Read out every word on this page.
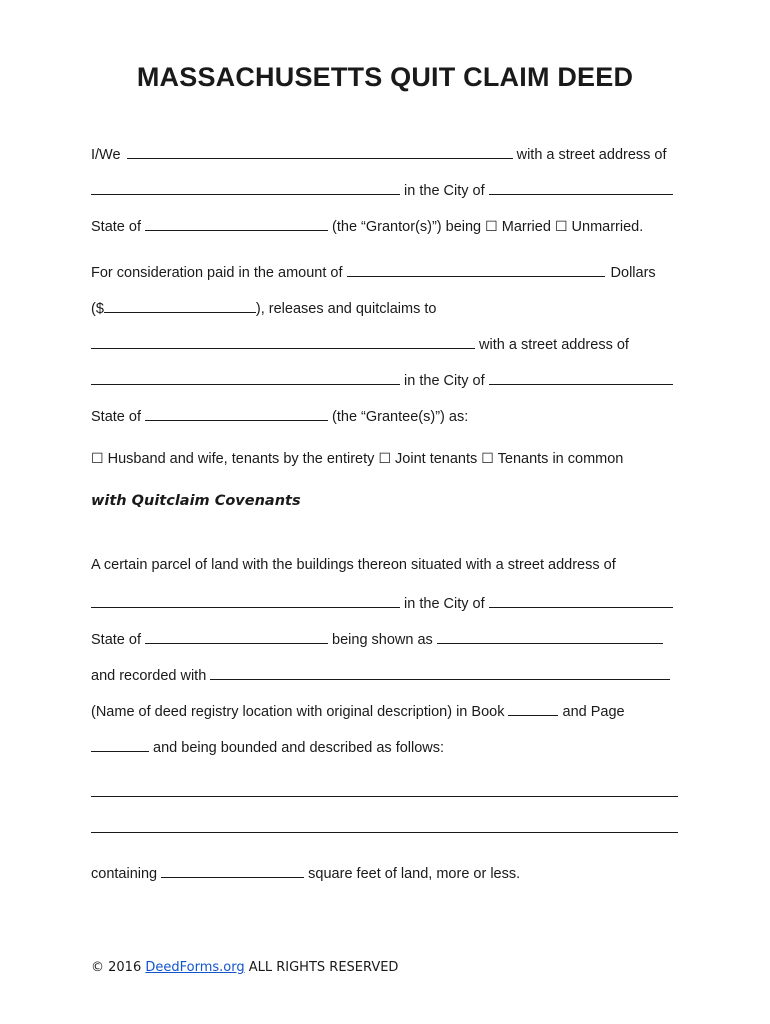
MASSACHUSETTS QUIT CLAIM DEED
I/We	with a street address of
in the City of
State of	(the “Grantor(s)”) being ☐ Married ☐ Unmarried.
For consideration paid in the amount of	Dollars
($	), releases and quitclaims to
with a street address of
in the City of
State of	(the “Grantee(s)”) as:
☐ Husband and wife, tenants by the entirety ☐ Joint tenants ☐ Tenants in common
with Quitclaim Covenants
A certain parcel of land with the buildings thereon situated with a street address of
in the City of
State of	being shown as
and recorded with
(Name of deed registry location with original description) in Book	and Page
and being bounded and described as follows:
containing	square feet of land, more or less.
© 2016 DeedForms.org ALL RIGHTS RESERVED
